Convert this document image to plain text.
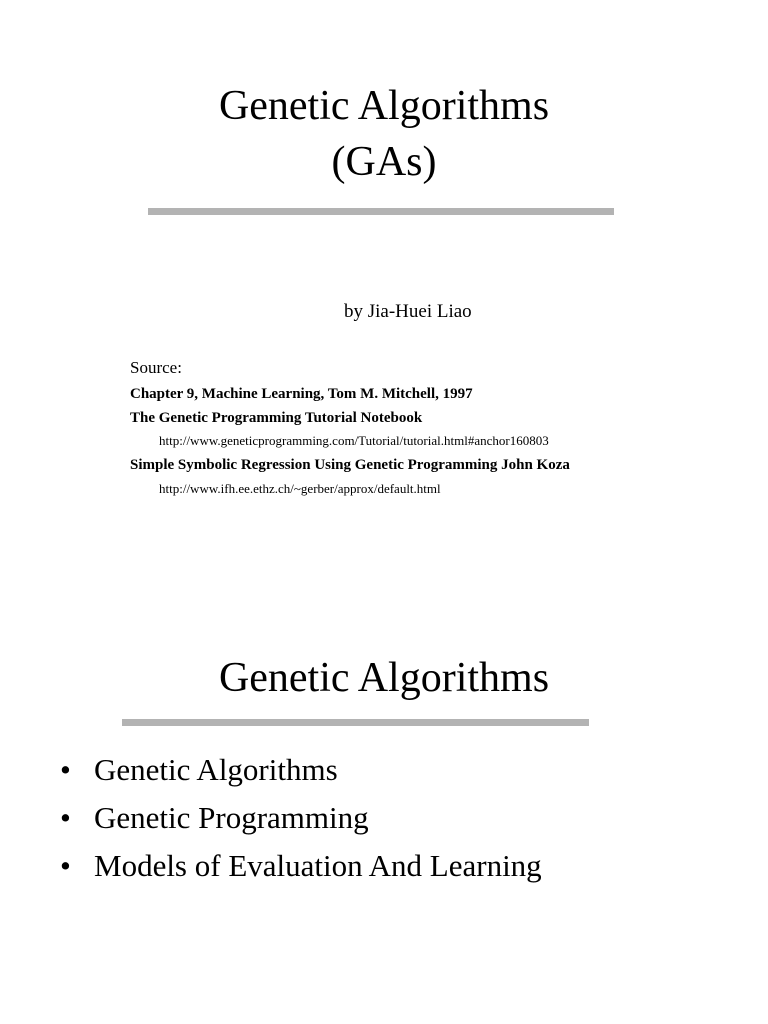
Genetic Algorithms
(GAs)
by Jia-Huei Liao
Source:
Chapter 9, Machine Learning, Tom M. Mitchell, 1997
The Genetic Programming Tutorial Notebook
http://www.geneticprogramming.com/Tutorial/tutorial.html#anchor160803
Simple Symbolic Regression Using Genetic Programming John Koza
http://www.ifh.ee.ethz.ch/~gerber/approx/default.html
Genetic Algorithms
• Genetic Algorithms
• Genetic Programming
• Models of Evaluation And Learning
